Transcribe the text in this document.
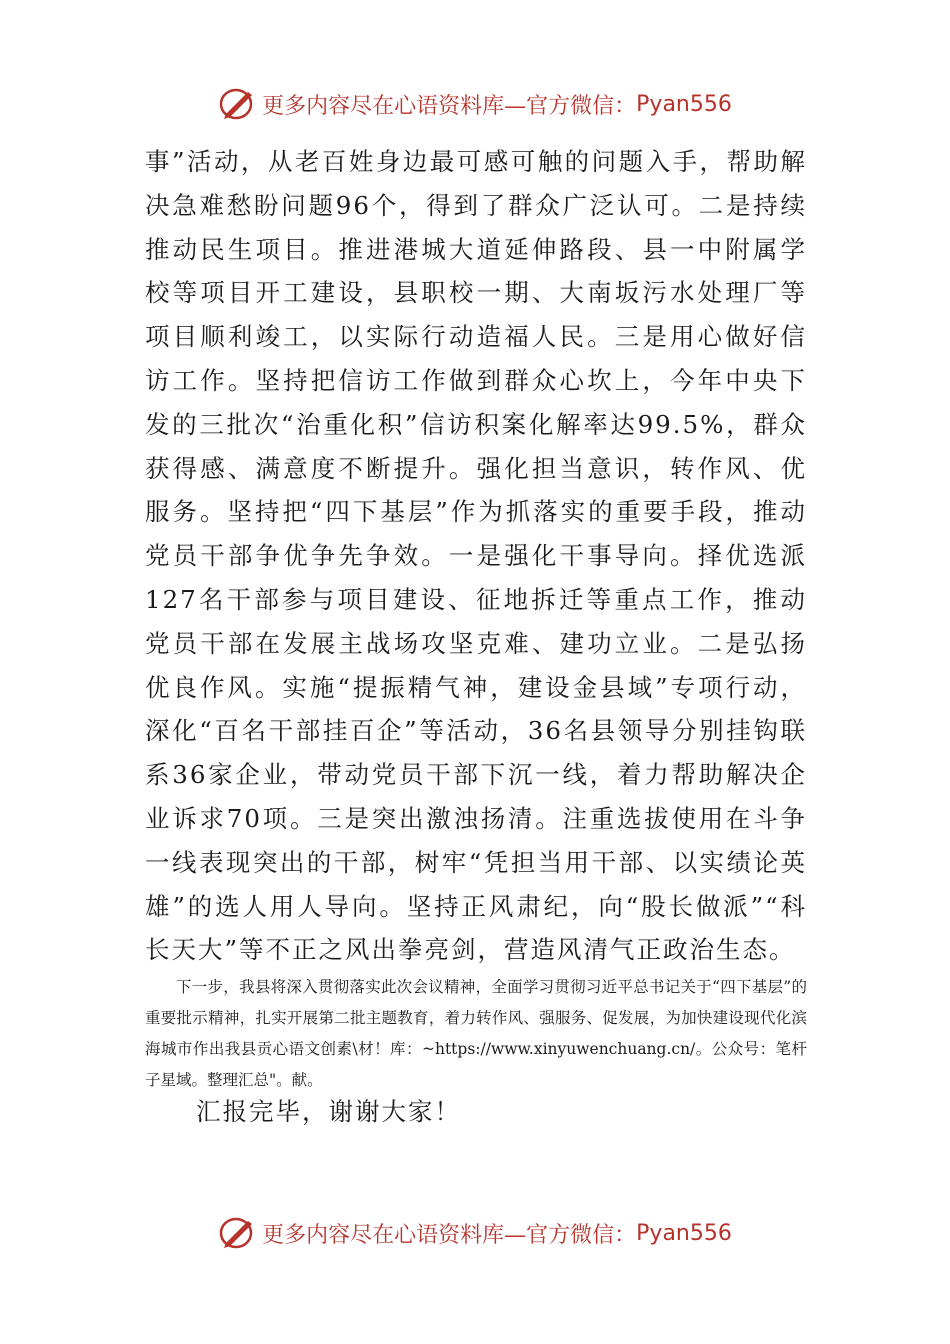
更多内容尽在心语资料库—官方微信： Pyan556
事”活动，从老百姓身边最可感可触的问题入手，帮助解决急难愁盼问题96个，得到了群众广泛认可。二是持续推动民生项目。推进港城大道延伸路段、县一中附属学校等项目开工建设，县职校一期、大南坂污水处理厂等项目顺利竣工，以实际行动造福人民。三是用心做好信访工作。坚持把信访工作做到群众心坎上，今年中央下发的三批次“治重化积”信访积案化解率达99.5%，群众获得感、满意度不断提升。强化担当意识，转作风、优服务。坚持把“四下基层”作为抓落实的重要手段，推动党员干部争优争先争效。一是强化干事导向。择优选派127名干部参与项目建设、征地拆迁等重点工作，推动党员干部在发展主战场攻坚克难、建功立业。二是弘扬优良作风。实施“提振精气神，建设金县域”专项行动，深化“百名干部挂百企”等活动，36名县领导分别挂钩联系36家企业，带动党员干部下沉一线，着力帮助解决企业诉求70项。三是突出激浊扬清。注重选拔使用在斗争一线表现突出的干部，树牢“凭担当用干部、以实绩论英雄”的选人用人导向。坚持正风肃纪，向“股长做派”“科长天大”等不正之风出拳亮剑，营造风清气正政治生态。
下一步，我县将深入贯彻落实此次会议精神，全面学习贯彻习近平总书记关于“四下基层”的重要批示精神，扎实开展第二批主题教育，着力转作风、强服务、促发展，为加快建设现代化滨海城市作出我县贡心语文创素\材！库：~https://www.xinyuwenchuang.cn/。公众号：笔杆子星域。整理汇总"。献。
汇报完毕，谢谢大家！
更多内容尽在心语资料库—官方微信： Pyan556
